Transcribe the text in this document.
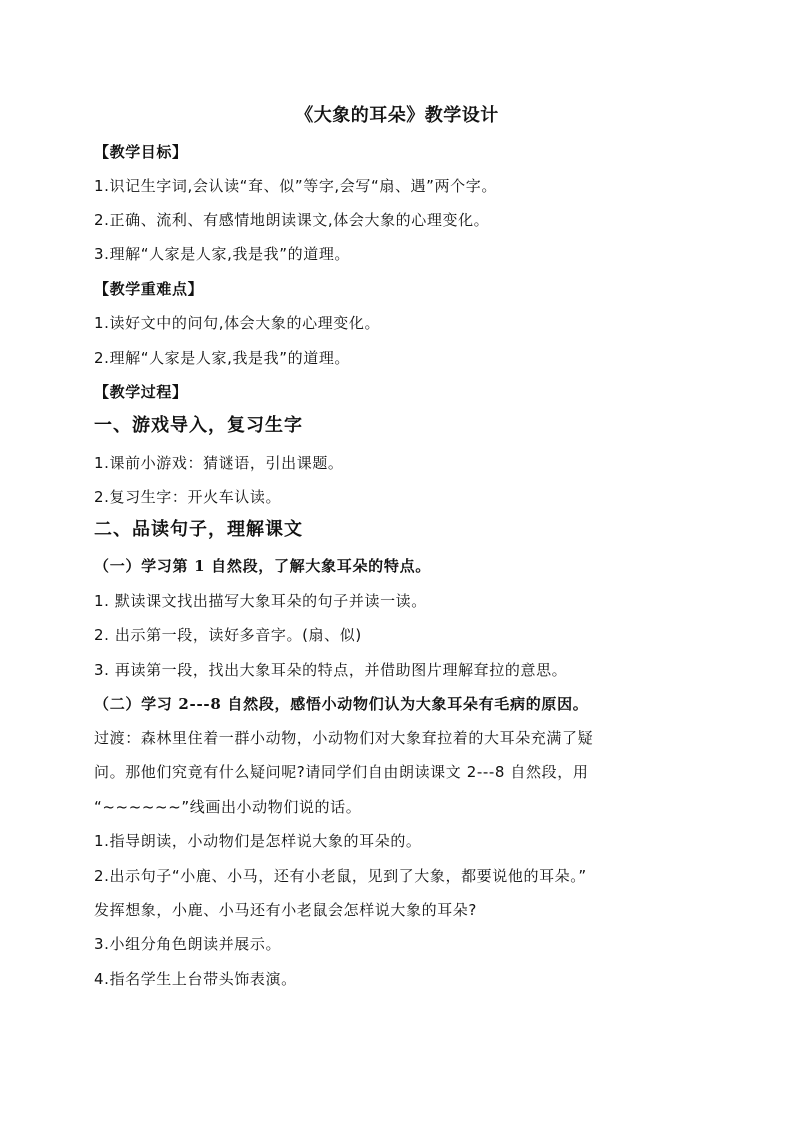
《大象的耳朵》教学设计
【教学目标】
1.识记生字词,会认读“耷、似”等字,会写“扇、遇”两个字。
2.正确、流利、有感情地朗读课文,体会大象的心理变化。
3.理解“人家是人家,我是我”的道理。
【教学重难点】
1.读好文中的问句,体会大象的心理变化。
2.理解“人家是人家,我是我”的道理。
【教学过程】
一、游戏导入，复习生字
1.课前小游戏：猜谜语，引出课题。
2.复习生字：开火车认读。
二、品读句子，理解课文
（一）学习第 1 自然段，了解大象耳朵的特点。
1. 默读课文找出描写大象耳朵的句子并读一读。
2. 出示第一段，读好多音字。(扇、似)
3. 再读第一段，找出大象耳朵的特点，并借助图片理解耷拉的意思。
（二）学习 2---8 自然段，感悟小动物们认为大象耳朵有毛病的原因。
过渡：森林里住着一群小动物，小动物们对大象耷拉着的大耳朵充满了疑
问。那他们究竟有什么疑问呢?请同学们自由朗读课文 2---8 自然段，用
“~~~~~~”线画出小动物们说的话。
1.指导朗读，小动物们是怎样说大象的耳朵的。
2.出示句子“小鹿、小马，还有小老鼠，见到了大象，都要说他的耳朵。”
发挥想象，小鹿、小马还有小老鼠会怎样说大象的耳朵?
3.小组分角色朗读并展示。
4.指名学生上台带头饰表演。
